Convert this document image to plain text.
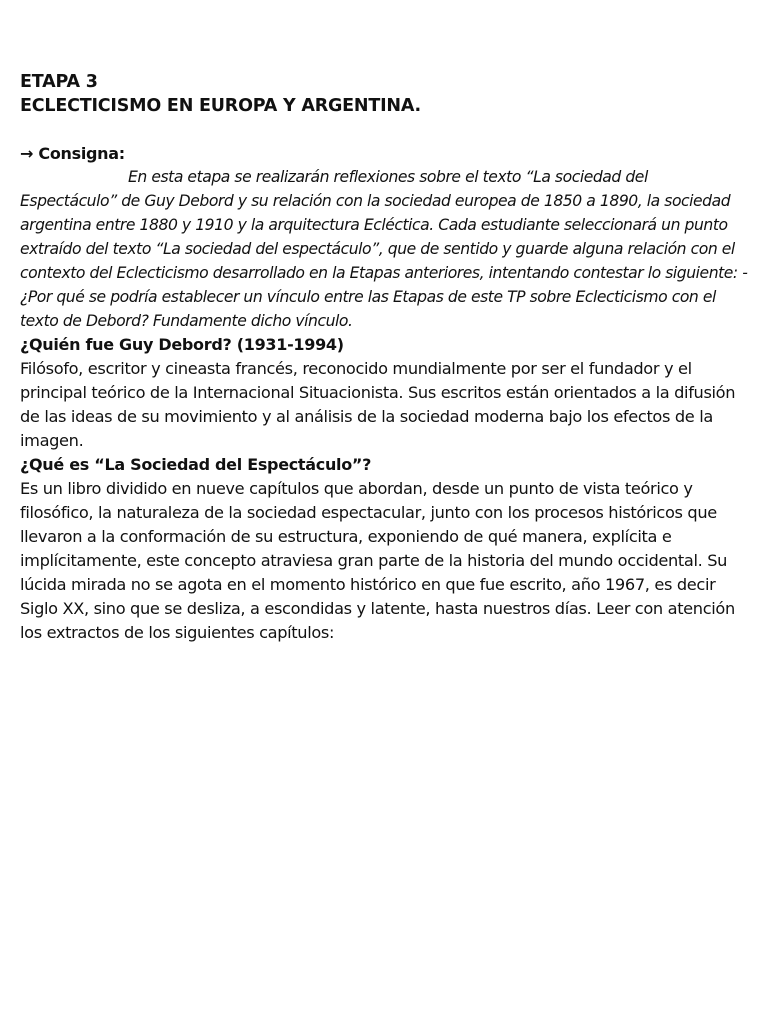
ETAPA 3

ECLECTICISMO EN EUROPA Y ARGENTINA.

→ Consigna:

En esta etapa se realizarán reflexiones sobre el texto “La sociedad del Espectáculo” de Guy Debord y su relación con la sociedad europea de 1850 a 1890, la sociedad argentina entre 1880 y 1910 y la arquitectura Ecléctica. Cada estudiante seleccionará un punto extraído del texto “La sociedad del espectáculo”, que de sentido y guarde alguna relación con el contexto del Eclecticismo desarrollado en la Etapas anteriores, intentando contestar lo siguiente: -¿Por qué se podría establecer un vínculo entre las Etapas de este TP sobre Eclecticismo con el texto de Debord? Fundamente dicho vínculo.

¿Quién fue Guy Debord? (1931-1994)

Filósofo, escritor y cineasta francés, reconocido mundialmente por ser el fundador y el principal teórico de la Internacional Situacionista. Sus escritos están orientados a la difusión de las ideas de su movimiento y al análisis de la sociedad moderna bajo los efectos de la imagen.

¿Qué es “La Sociedad del Espectáculo”?

Es un libro dividido en nueve capítulos que abordan, desde un punto de vista teórico y filosófico, la naturaleza de la sociedad espectacular, junto con los procesos históricos que llevaron a la conformación de su estructura, exponiendo de qué manera, explícita e implícitamente, este concepto atraviesa gran parte de la historia del mundo occidental. Su lúcida mirada no se agota en el momento histórico en que fue escrito, año 1967, es decir Siglo XX, sino que se desliza, a escondidas y latente, hasta nuestros días. Leer con atención los extractos de los siguientes capítulos:
